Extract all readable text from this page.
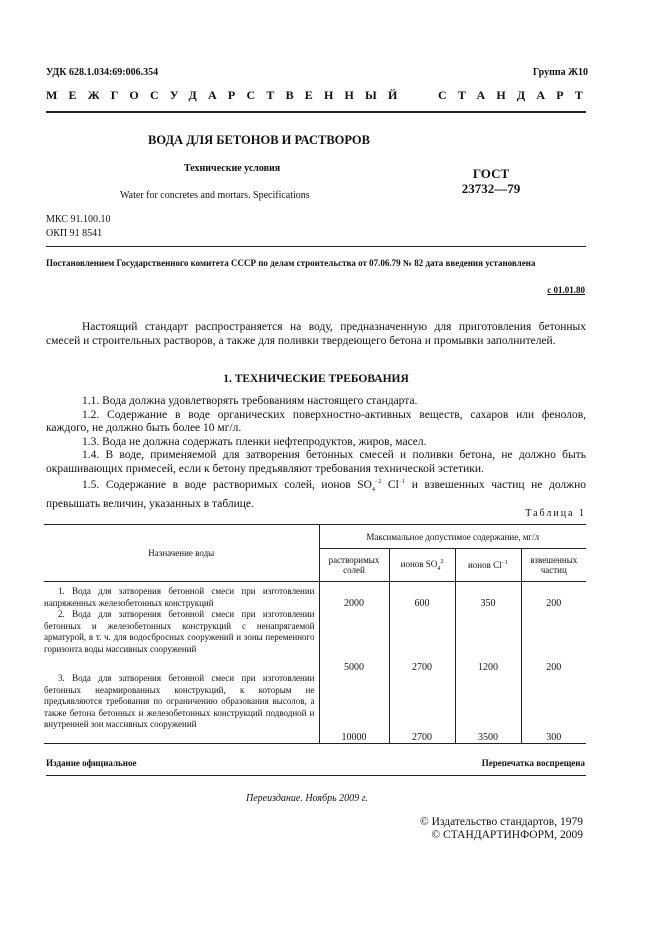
УДК 628.1.034:69:006.354	Группа Ж10
МЕЖГОСУДАРСТВЕННЫЙ СТАНДАРТ
ВОДА ДЛЯ БЕТОНОВ И РАСТВОРОВ
Технические условия
Water for concretes and mortars. Specifications
ГОСТ
23732—79
МКС 91.100.10
ОКП 91 8541
Постановлением Государственного комитета СССР по делам строительства от 07.06.79 № 82 дата введения установлена
с 01.01.80

Настоящий стандарт распространяется на воду, предназначенную для приготовления бетонных смесей и строительных растворов, а также для поливки твердеющего бетона и промывки заполнителей.

1. ТЕХНИЧЕСКИЕ ТРЕБОВАНИЯ

1.1. Вода должна удовлетворять требованиям настоящего стандарта.

1.2. Содержание в воде органических поверхностно-активных веществ, сахаров или фенолов, каждого, не должно быть более 10 мг/л.

1.3. Вода не должна содержать пленки нефтепродуктов, жиров, масел.

1.4. В воде, применяемой для затворения бетонных смесей и поливки бетона, не должно быть окрашивающих примесей, если к бетону предъявляют требования технической эстетики.

1.5. Содержание в воде растворимых солей, ионов $SO_4^{-2}$ $Cl^{-1}$ и взвешенных частиц не должно превышать величин, указанных в таблице.

Таблица 1
Назначение воды	Максимальное допустимое содержание, мг/л			
	растворимых солей	ионов $SO_4^2$	ионов $Cl^{-1}$	взвешенных частиц

1. Вода для затворения бетонной смеси при изготовлении напряженных железобетонных конструкций	2000	600	350	200

2. Вода для затворения бетонной смеси при изготовлении бетонных и железобетонных конструкций с ненапрягаемой арматурой, в т. ч. для водосбросных сооружений и зоны переменного горизонта воды массивных сооружений	5000	2700	1200	200

3. Вода для затворения бетонной смеси при изготовлении бетонных неармированных конструкций, к которым не предъявляются требования по ограничению образования высолов, а также бетона бетонных и железобетонных конструкций подводной и внутренней зон массивных сооружений	10000	2700	3500	300
Издание официальное	Перепечатка воспрещена
Переиздание. Ноябрь 2009 г.
© Издательство стандартов, 1979
© СТАНДАРТИНФОРМ, 2009
